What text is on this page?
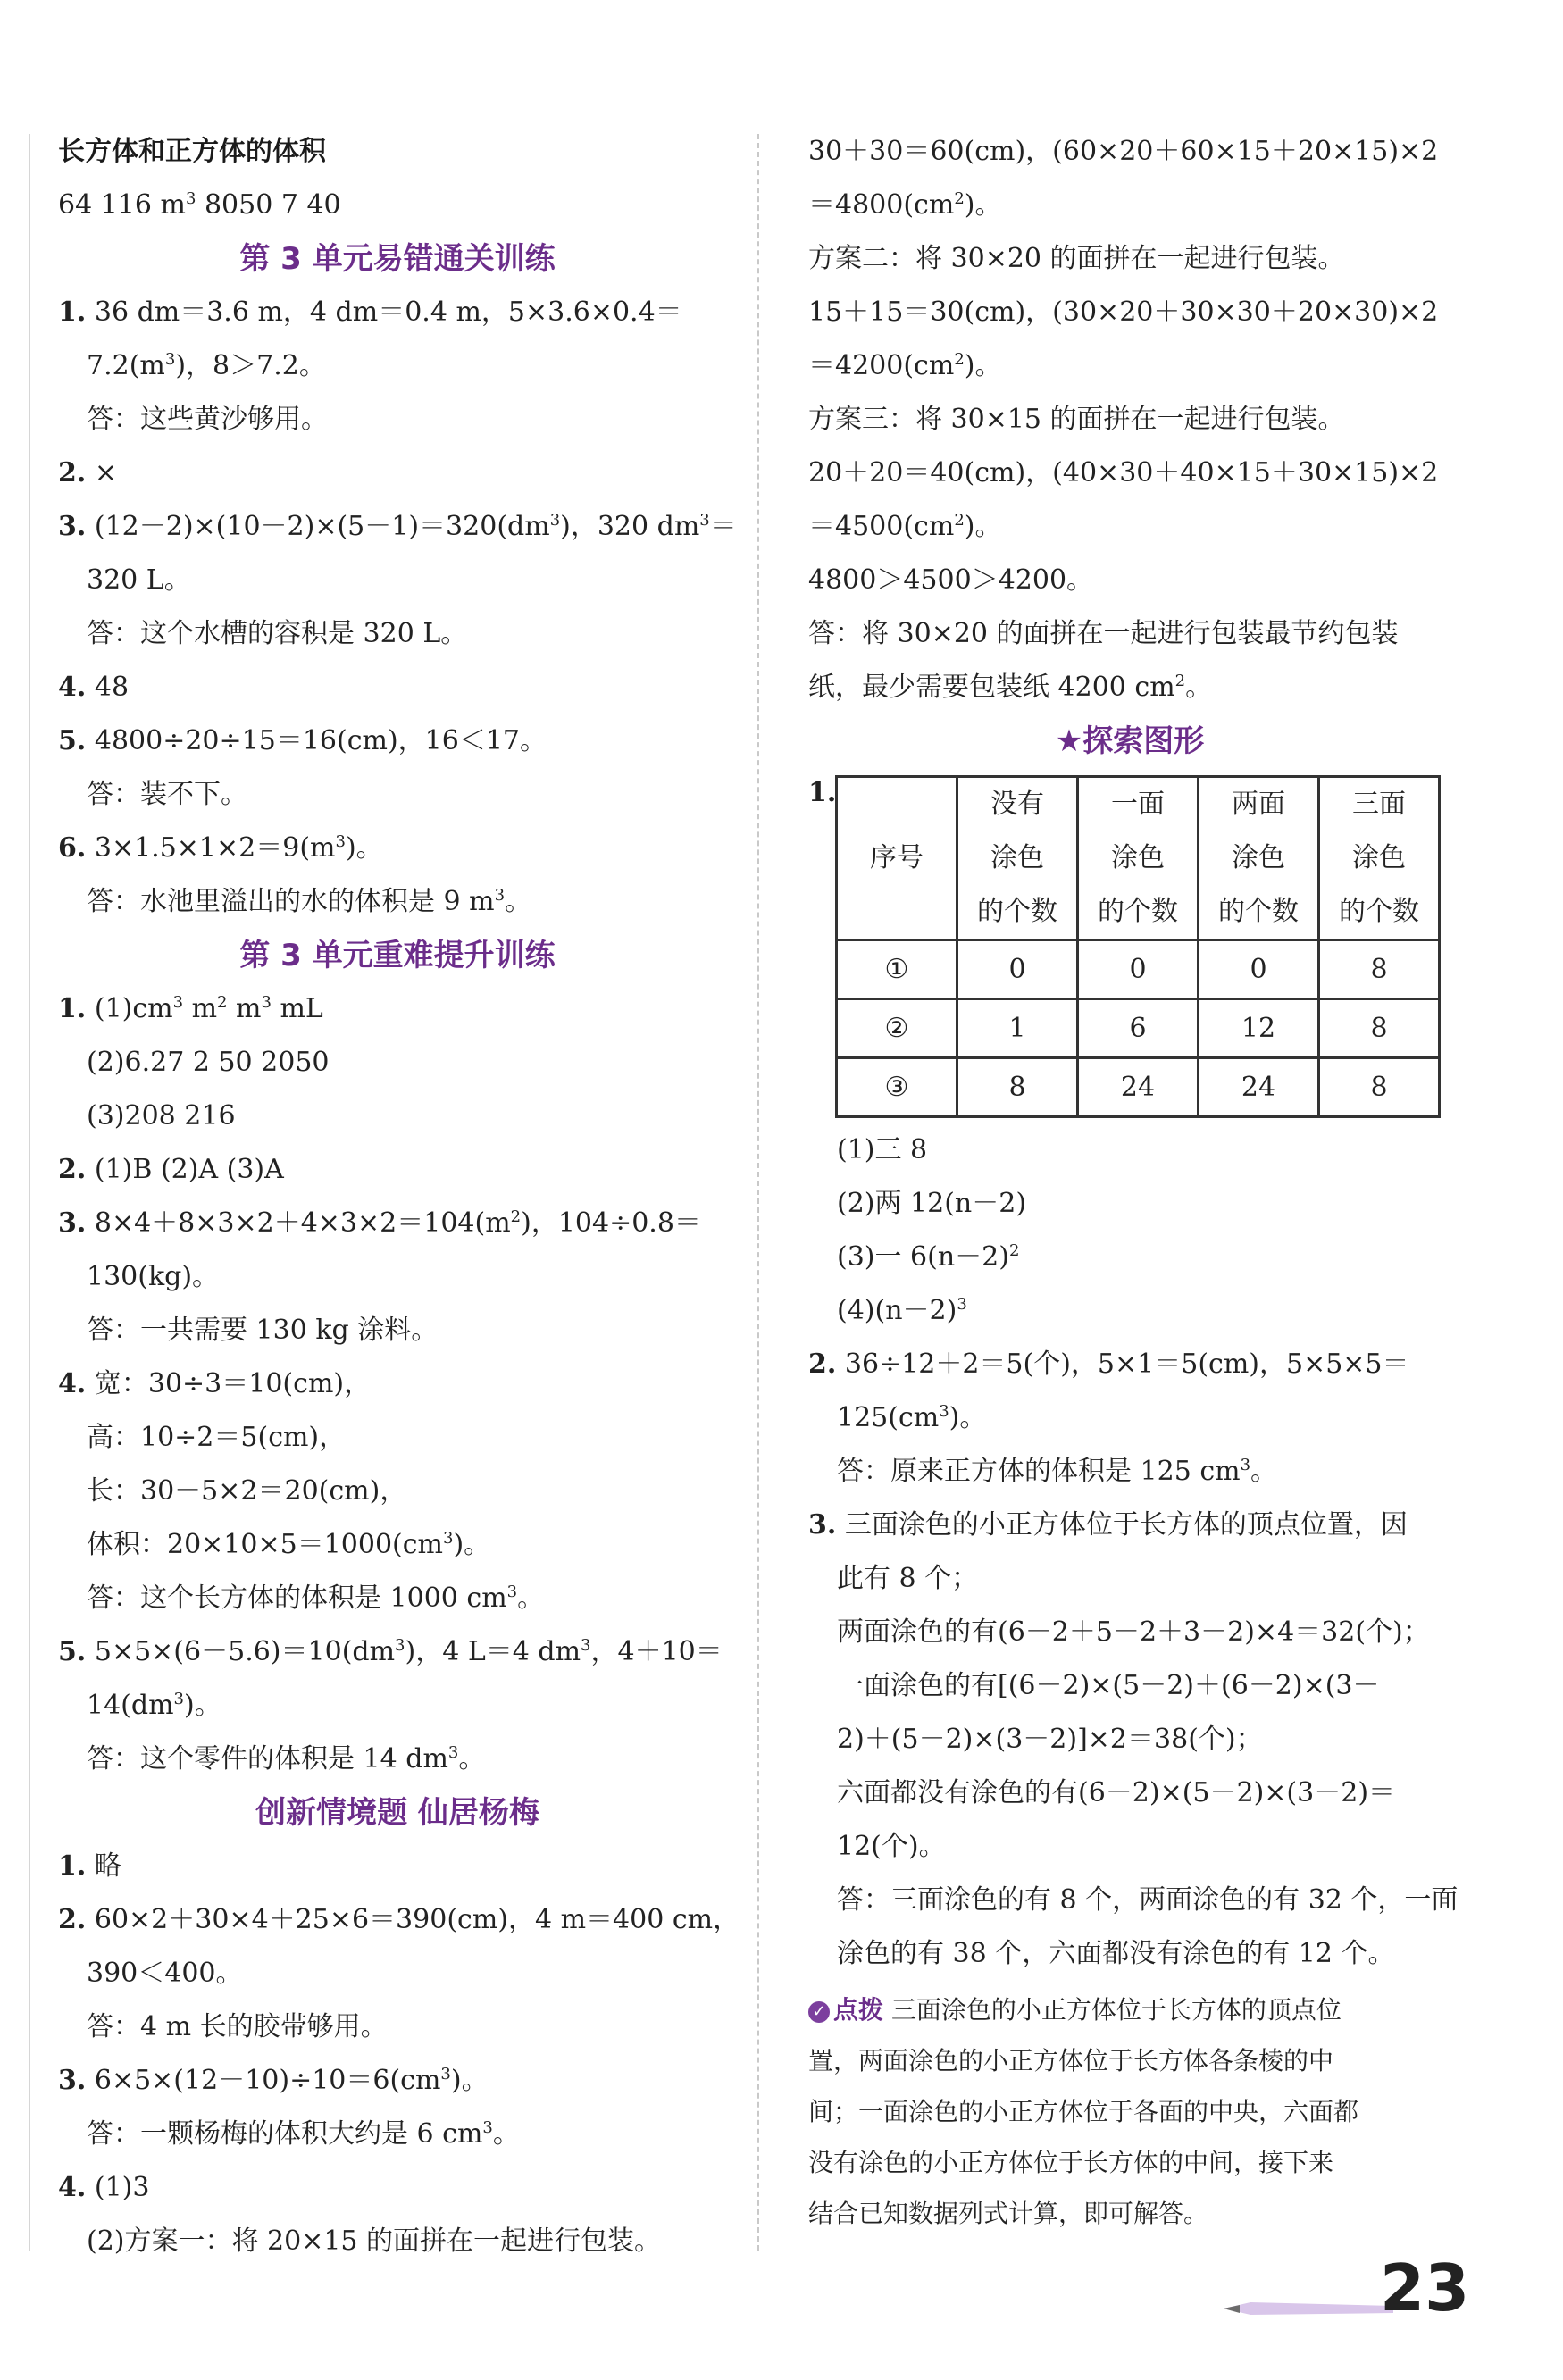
长方体和正方体的体积
64 116 $m^3$ 8050 7 40
第 3 单元易错通关训练
1. 36 dm＝3.6 m，4 dm＝0.4 m，5×3.6×0.4＝
$7.2(m^3)$，8＞7.2。
答：这些黄沙够用。
2. ×
3. $(12-2)\times(10-2)\times(5-1)=320(dm^3)$，320 $dm^3=$
320 L。
答：这个水槽的容积是 320 L。
4. 48
5. 4800÷20÷15＝16(cm)，16＜17。
答：装不下。
6. $3\times 1.5\times 1\times 2=9(m^3)$。
答：水池里溢出的水的体积是 9 $m^3$。
第 3 单元重难提升训练
1. $(1)cm^3$ $m^2$ $m^3$ mL
(2)6.27 2 50 2050
(3)208 216
2. (1)B (2)A (3)A
3. $8\times 4+8\times 3\times 2+4\times 3\times 2=104(m^2)$，104÷0.8＝
130(kg)。
答：一共需要 130 kg 涂料。
4. 宽：30÷3＝10(cm)，
高：10÷2＝5(cm)，
长：30－5×2＝20(cm)，
体积：$20\times 10\times 5=1000(cm^3)$。
答：这个长方体的体积是 1000 $cm^3$。
5. $5\times 5\times(6-5.6)=10(dm^3)$，4 L＝4 $dm^3$，4＋10＝
$14(dm^3)$。
答：这个零件的体积是 14 $dm^3$。
创新情境题 仙居杨梅
1. 略
2. 60×2＋30×4＋25×6＝390(cm)，4 m＝400 cm，
390＜400。
答：4 m 长的胶带够用。
3. $6\times 5\times(12-10)\div 10=6(cm^3)$。
答：一颗杨梅的体积大约是 6 $cm^3$。
4. (1)3
(2)方案一：将 20×15 的面拼在一起进行包装。
30＋30＝60(cm)，(60×20＋60×15＋20×15)×2
$=4800(cm^2)$。
方案二：将 30×20 的面拼在一起进行包装。
15＋15＝30(cm)，(30×20＋30×30＋20×30)×2
$=4200(cm^2)$。
方案三：将 30×15 的面拼在一起进行包装。
20＋20＝40(cm)，(40×30＋40×15＋30×15)×2
$=4500(cm^2)$。
4800＞4500＞4200。
答：将 30×20 的面拼在一起进行包装最节约包装
纸，最少需要包装纸 4200 $cm^2$。
★探索图形
1.
序号	没有
涂色
的个数	一面
涂色
的个数	两面
涂色
的个数	三面
涂色
的个数
①	0	0	0	8
②	1	6	12	8
③	8	24	24	8
(1)三 8
(2)两 12(n－2)
(3)一 $6(n-2)^2$
$(4)(n-2)^3$
2. 36÷12＋2＝5(个)，5×1＝5(cm)，5×5×5＝
$125(cm^3)$。
答：原来正方体的体积是 125 $cm^3$。
3. 三面涂色的小正方体位于长方体的顶点位置，因
此有 8 个；
两面涂色的有(6－2＋5－2＋3－2)×4＝32(个)；
一面涂色的有[(6－2)×(5－2)＋(6－2)×(3－
2)＋(5－2)×(3－2)]×2＝38(个)；
六面都没有涂色的有(6－2)×(5－2)×(3－2)＝
12(个)。
答：三面涂色的有 8 个，两面涂色的有 32 个，一面
涂色的有 38 个，六面都没有涂色的有 12 个。
✓ 点拨 三面涂色的小正方体位于长方体的顶点位
置，两面涂色的小正方体位于长方体各条棱的中
间；一面涂色的小正方体位于各面的中央，六面都
没有涂色的小正方体位于长方体的中间，接下来
结合已知数据列式计算，即可解答。
23
